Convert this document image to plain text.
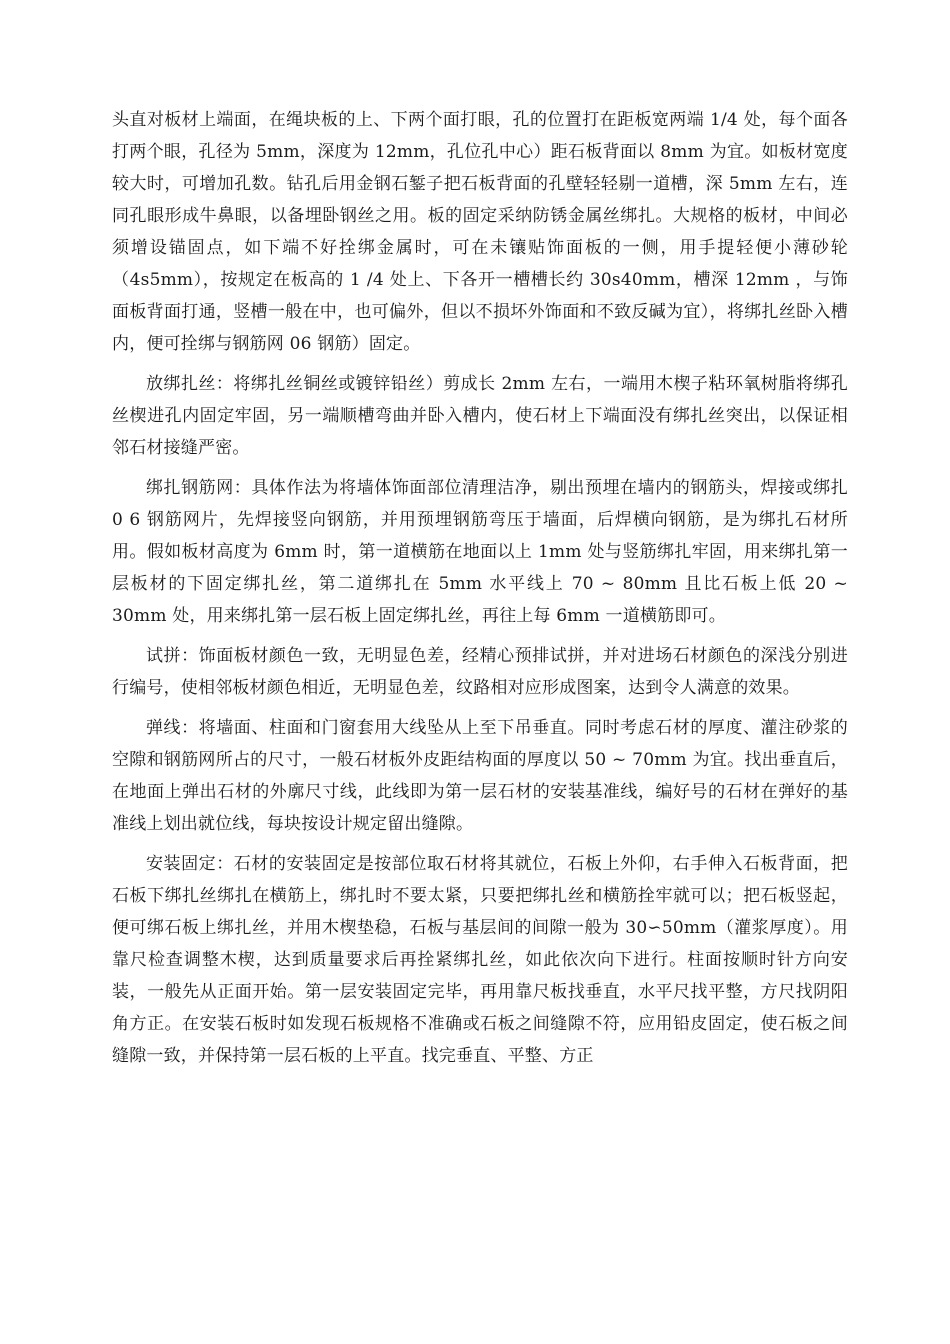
头直对板材上端面，在绳块板的上、下两个面打眼，孔的位置打在距板宽两端 1/4 处，每个面各打两个眼，孔径为 5mm，深度为 12mm，孔位孔中心）距石板背面以 8mm 为宜。如板材宽度较大时，可增加孔数。钻孔后用金钢石錾子把石板背面的孔壁轻轻剔一道槽，深 5mm 左右，连同孔眼形成牛鼻眼，以备埋卧钢丝之用。板的固定采纳防锈金属丝绑扎。大规格的板材，中间必须增设锚固点，如下端不好拴绑金属时，可在未镶贴饰面板的一侧，用手提轻便小薄砂轮（4s5mm），按规定在板高的 1 /4 处上、下各开一槽槽长约 30s40mm，槽深 12mm ，与饰面板背面打通，竖槽一般在中，也可偏外，但以不损坏外饰面和不致反碱为宜），将绑扎丝卧入槽内，便可拴绑与钢筋网 06 钢筋）固定。

放绑扎丝：将绑扎丝铜丝或镀锌铅丝）剪成长 2mm 左右，一端用木楔子粘环氧树脂将绑孔丝楔进孔内固定牢固，另一端顺槽弯曲并卧入槽内，使石材上下端面没有绑扎丝突出，以保证相邻石材接缝严密。

绑扎钢筋网：具体作法为将墙体饰面部位清理洁净，剔出预埋在墙内的钢筋头，焊接或绑扎 0 6 钢筋网片，先焊接竖向钢筋，并用预埋钢筋弯压于墙面，后焊横向钢筋，是为绑扎石材所用。假如板材高度为 6mm 时，第一道横筋在地面以上 1mm 处与竖筋绑扎牢固，用来绑扎第一层板材的下固定绑扎丝，第二道绑扎在 5mm 水平线上 70 ~ 80mm 且比石板上低 20 ~ 30mm 处，用来绑扎第一层石板上固定绑扎丝，再往上每 6mm 一道横筋即可。

试拼：饰面板材颜色一致，无明显色差，经精心预排试拼，并对进场石材颜色的深浅分别进行编号，使相邻板材颜色相近，无明显色差，纹路相对应形成图案，达到令人满意的效果。

弹线：将墙面、柱面和门窗套用大线坠从上至下吊垂直。同时考虑石材的厚度、灌注砂浆的空隙和钢筋网所占的尺寸，一般石材板外皮距结构面的厚度以 50 ~ 70mm 为宜。找出垂直后，在地面上弹出石材的外廓尺寸线，此线即为第一层石材的安装基准线，编好号的石材在弹好的基准线上划出就位线，每块按设计规定留出缝隙。

安装固定：石材的安装固定是按部位取石材将其就位，石板上外仰，右手伸入石板背面，把石板下绑扎丝绑扎在横筋上，绑扎时不要太紧，只要把绑扎丝和横筋拴牢就可以；把石板竖起，便可绑石板上绑扎丝，并用木楔垫稳，石板与基层间的间隙一般为 30∽50mm（灌浆厚度）。用靠尺检查调整木楔，达到质量要求后再拴紧绑扎丝，如此依次向下进行。柱面按顺时针方向安装，一般先从正面开始。第一层安装固定完毕，再用靠尺板找垂直，水平尺找平整，方尺找阴阳角方正。在安装石板时如发现石板规格不准确或石板之间缝隙不符，应用铅皮固定，使石板之间缝隙一致，并保持第一层石板的上平直。找完垂直、平整、方正
